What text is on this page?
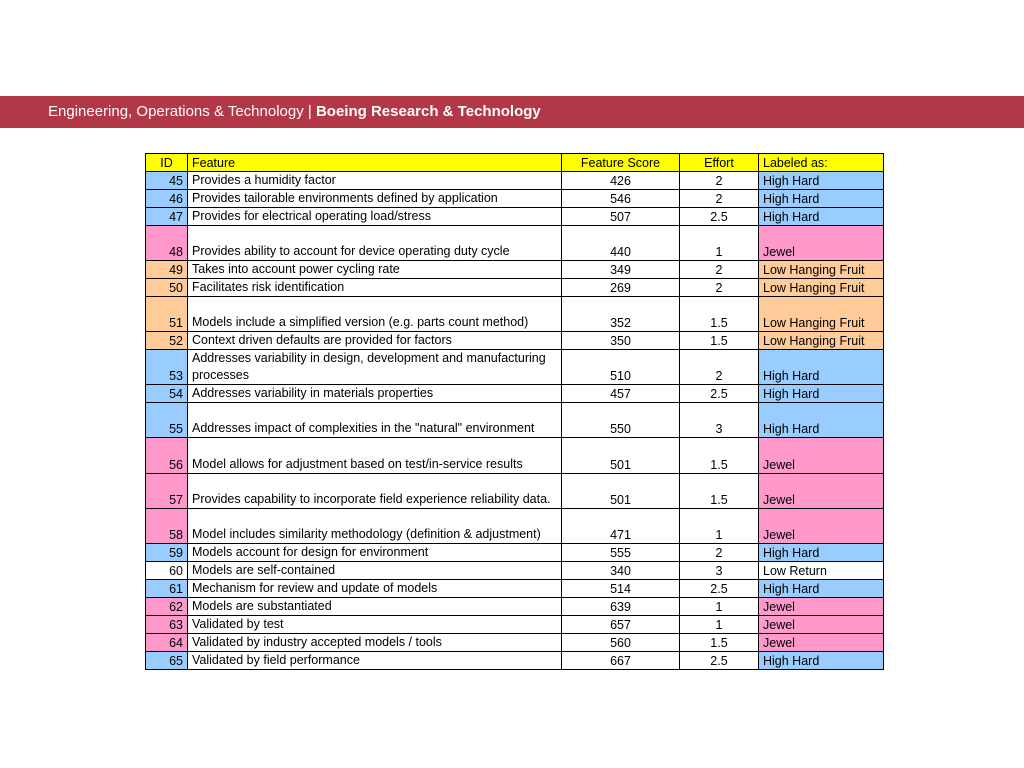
Engineering, Operations & Technology | Boeing Research & Technology
ID	Feature	Feature Score	Effort	Labeled as:
45	Provides a humidity factor	426	2	High Hard
46	Provides tailorable environments defined by application	546	2	High Hard
47	Provides for electrical operating load/stress	507	2.5	High Hard
48	Provides ability to account for device operating duty cycle	440	1	Jewel
49	Takes into account power cycling rate	349	2	Low Hanging Fruit
50	Facilitates risk identification	269	2	Low Hanging Fruit
51	Models include a simplified version (e.g. parts count method)	352	1.5	Low Hanging Fruit
52	Context driven defaults are provided for factors	350	1.5	Low Hanging Fruit
53	Addresses variability in design, development and manufacturing processes	510	2	High Hard
54	Addresses variability in materials properties	457	2.5	High Hard
55	Addresses impact of complexities in the "natural" environment	550	3	High Hard
56	Model allows for adjustment based on test/in-service results	501	1.5	Jewel
57	Provides capability to incorporate field experience reliability data.	501	1.5	Jewel
58	Model includes similarity methodology (definition & adjustment)	471	1	Jewel
59	Models account for design for environment	555	2	High Hard
60	Models are self-contained	340	3	Low Return
61	Mechanism for review and update of models	514	2.5	High Hard
62	Models are substantiated	639	1	Jewel
63	Validated by test	657	1	Jewel
64	Validated by industry accepted models / tools	560	1.5	Jewel
65	Validated by field performance	667	2.5	High Hard
